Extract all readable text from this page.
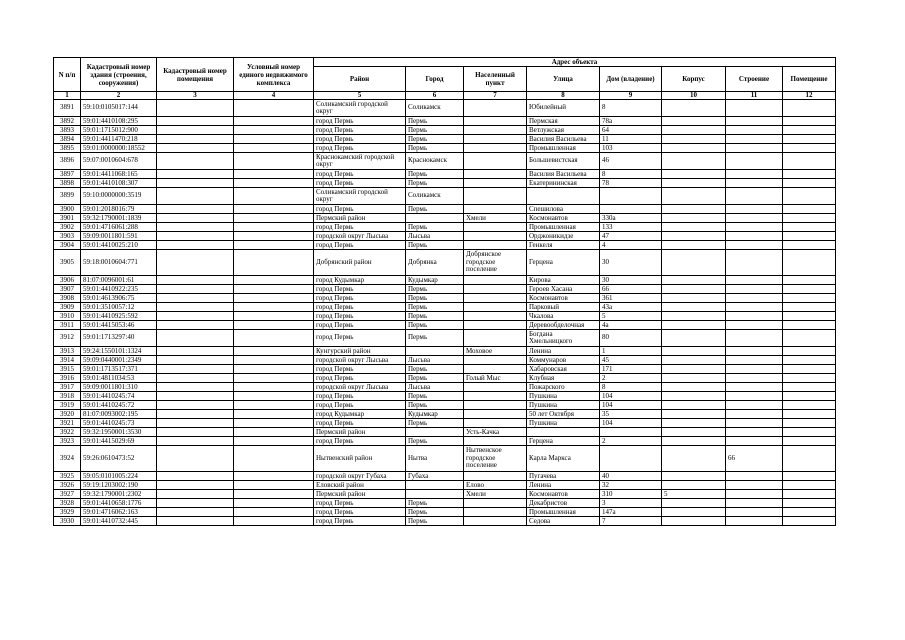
N п/п	Кадастровый номер здания (строения, сооружения)	Кадастровый номер помещения	Условный номер единого недвижимого комплекса	Адрес объекта							
				Район	Город	Населенный пункт	Улица	Дом (владение)	Корпус	Строение	Помещение
1	2	3	4	5	6	7	8	9	10	11	12
3891	59:10:0105017:144			Соликамский городской округ	Соликамск		Юбилейный	8			
3892	59:01:4410108:295			город Пермь	Пермь		Пермская	78а			
3893	59:01:1715012:900			город Пермь	Пермь		Ветлужская	64			
3894	59:01:4411470:218			город Пермь	Пермь		Василия Васильева	11			
3895	59:01:0000000:18552			город Пермь	Пермь		Промышленная	103			
3896	59:07:0010604:678			Краснокамский городской округ	Краснокамск		Большевистская	46			
3897	59:01:4411068:165			город Пермь	Пермь		Василия Васильева	8			
3898	59:01:4410108:307			город Пермь	Пермь		Екатерининская	78			
3899	59:10:0000000:3519			Соликамский городской округ	Соликамск						
3900	59:01:2018016:79			город Пермь	Пермь		Спешилова				
3901	59:32:1790001:1839			Пермский район		Хмели	Космонавтов	330а			
3902	59:01:4716061:288			город Пермь	Пермь		Промышленная	133			
3903	59:09:0011801:591			городской округ Лысьва	Лысьва		Орджоникидзе	47			
3904	59:01:4410025:210			город Пермь	Пермь		Генкеля	4			
3905	59:18:0010604:771			Добрянский район	Добрянка	Добрянское городское поселение	Герцена	30			
3906	81:07:0096001:61			город Кудымкар	Кудымкар		Кирова	30			
3907	59:01:4410922:235			город Пермь	Пермь		Героев Хасана	66			
3908	59:01:4613906:75			город Пермь	Пермь		Космонавтов	361			
3909	59:01:3510057:12			город Пермь	Пермь		Парковый	43а			
3910	59:01:4410925:592			город Пермь	Пермь		Чкалова	5			
3911	59:01:4415053:46			город Пермь	Пермь		Деревообделочная	4а			
3912	59:01:1713297:40			город Пермь	Пермь		Богдана Хмельницкого	80			
3913	59:24:1550101:1324			Кунгурский район		Моховое	Ленина	1			
3914	59:09:0440001:2349			городской округ Лысьва	Лысьва		Коммунаров	45			
3915	59:01:1713517:371			город Пермь	Пермь		Хабаровская	171			
3916	59:01:4811034:53			город Пермь	Пермь	Голый Мыс	Клубная	2			
3917	59:09:0011801:310			городской округ Лысьва	Лысьва		Пожарского	8			
3918	59:01:4410245:74			город Пермь	Пермь		Пушкина	104			
3919	59:01:4410245:72			город Пермь	Пермь		Пушкина	104			
3920	81:07:0093002:195			город Кудымкар	Кудымкар		50 лет Октября	35			
3921	59:01:4410245:73			город Пермь	Пермь		Пушкина	104			
3922	59:32:1950001:3530			Пермский район		Усть-Качка					
3923	59:01:4415029:69			город Пермь	Пермь		Герцена	2			
3924	59:26:0610473:52			Нытвенский район	Нытва	Нытвенское городское поселение	Карла Маркса			66	
3925	59:05:0101005:224			городской округ Губаха	Губаха		Пугачева	40			
3926	59:19:1203002:190			Еловский район		Елово	Ленина	32			
3927	59:32:1790001:2302			Пермский район		Хмели	Космонавтов	310	5		
3928	59:01:4410658:1776			город Пермь	Пермь		Декабристов	3			
3929	59:01:4716062:163			город Пермь	Пермь		Промышленная	147а			
3930	59:01:4410732:445			город Пермь	Пермь		Седова	7			
